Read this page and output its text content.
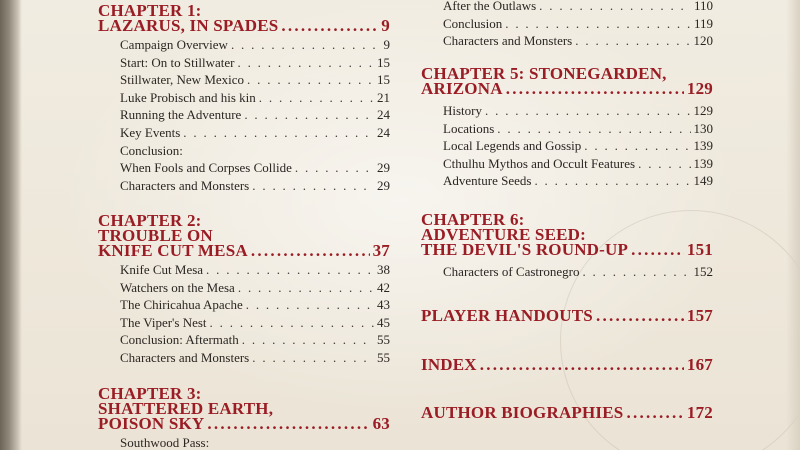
CHAPTER 1:
LAZARUS, IN SPADES . . .	9
Campaign Overview . . .	9
Start: On to Stillwater . . .	15
Stillwater, New Mexico . . .	15
Luke Probisch and his kin . . .	21
Running the Adventure . . .	24
Key Events . . .	24
Conclusion:
When Fools and Corpses Collide . . .	29
Characters and Monsters . . .	29
CHAPTER 2:
TROUBLE ON
KNIFE CUT MESA . . .	37
Knife Cut Mesa . . .	38
Watchers on the Mesa . . .	42
The Chiricahua Apache . . .	43
The Viper's Nest . . .	45
Conclusion: Aftermath . . .	55
Characters and Monsters . . .	55
CHAPTER 3:
SHATTERED EARTH,
POISON SKY . . .	63
Southwood Pass:
After the Outlaws . . .	110
Conclusion . . .	119
Characters and Monsters . . .	120
CHAPTER 5: STONEGARDEN,
ARIZONA . . .	129
History . . .	129
Locations . . .	130
Local Legends and Gossip . . .	139
Cthulhu Mythos and Occult Features . . .	139
Adventure Seeds . . .	149
CHAPTER 6:
ADVENTURE SEED:
THE DEVIL'S ROUND-UP . . .	151
Characters of Castronegro . . .	152
PLAYER HANDOUTS . . .	157
INDEX . . .	167
AUTHOR BIOGRAPHIES . . .	172
